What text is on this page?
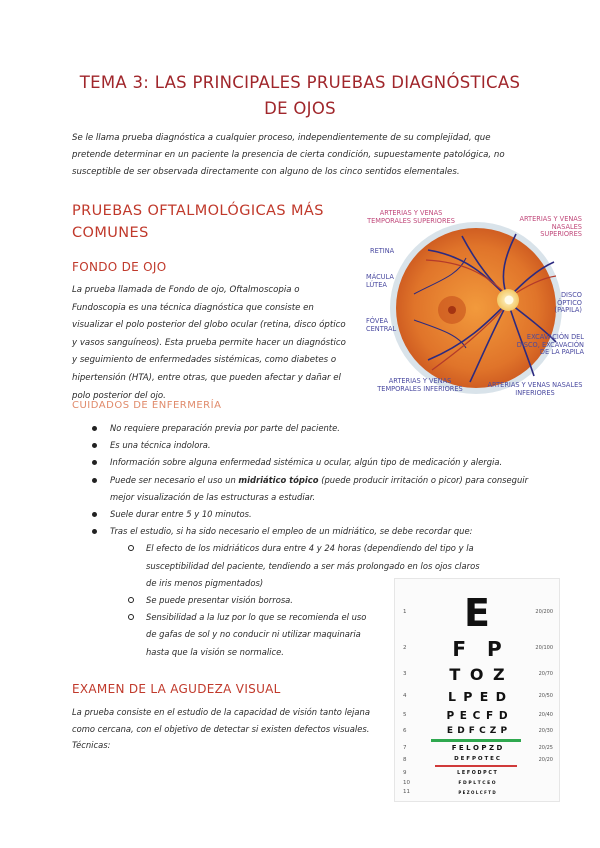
TEMA 3: LAS PRINCIPALES PRUEBAS DIAGNÓSTICAS
DE OJOS
Se le llama prueba diagnóstica a cualquier proceso, independientemente de su complejidad, que pretende determinar en un paciente la presencia de cierta condición, supuestamente patológica, no susceptible de ser observada directamente con alguno de los cinco sentidos elementales.
PRUEBAS OFTALMOLÓGICAS MÁS COMUNES
FONDO DE OJO
La prueba llamada de Fondo de ojo, Oftalmoscopia o Fundoscopia es una técnica diagnóstica que consiste en visualizar el polo posterior del globo ocular (retina, disco óptico y vasos sanguíneos). Esta prueba permite hacer un diagnóstico y seguimiento de enfermedades sistémicas, como diabetes o hipertensión (HTA), entre otras, que pueden afectar y dañar el polo posterior del ojo.
CUIDADOS DE ENFERMERÍA
No requiere preparación previa por parte del paciente.
Es una técnica indolora.
Información sobre alguna enfermedad sistémica u ocular, algún tipo de medicación y alergia.
Puede ser necesario el uso un midriático tópico (puede producir irritación o picor) para conseguir mejor visualización de las estructuras a estudiar.
Suele durar entre 5 y 10 minutos.
Tras el estudio, si ha sido necesario el empleo de un midriático, se debe recordar que:
El efecto de los midriáticos dura entre 4 y 24 horas (dependiendo del tipo y la susceptibilidad del paciente, tendiendo a ser más prolongado en los ojos claros de iris menos pigmentados)
Se puede presentar visión borrosa.
Sensibilidad a la luz por lo que se recomienda el uso de gafas de sol y no conducir ni utilizar maquinaria hasta que la visión se normalice.
EXAMEN DE LA AGUDEZA VISUAL
La prueba consiste en el estudio de la capacidad de visión tanto lejana como cercana, con el objetivo de detectar si existen defectos visuales.
Técnicas:
ARTERIAS Y VENAS TEMPORALES SUPERIORES	ARTERIAS Y VENAS NASALES SUPERIORES
RETINA
MÁCULA LÚTEA
DISCO ÓPTICO (PAPILA)
FÓVEA CENTRAL
EXCAVACIÓN DEL DISCO, EXCAVACIÓN DE LA PAPILA
ARTERIAS Y VENAS TEMPORALES INFERIORES	ARTERIAS Y VENAS NASALES INFERIORES
1	E	20/200
2	F P	20/100
3	T O Z	20/70
4	L P E D	20/50
5	P E C F D	20/40
6	E D F C Z P	20/30
7	F E L O P Z D	20/25
8	D E F P O T E C	20/20
9	L E F O D P C T
10	F D P L T C E O
11	P E Z O L C F T D
